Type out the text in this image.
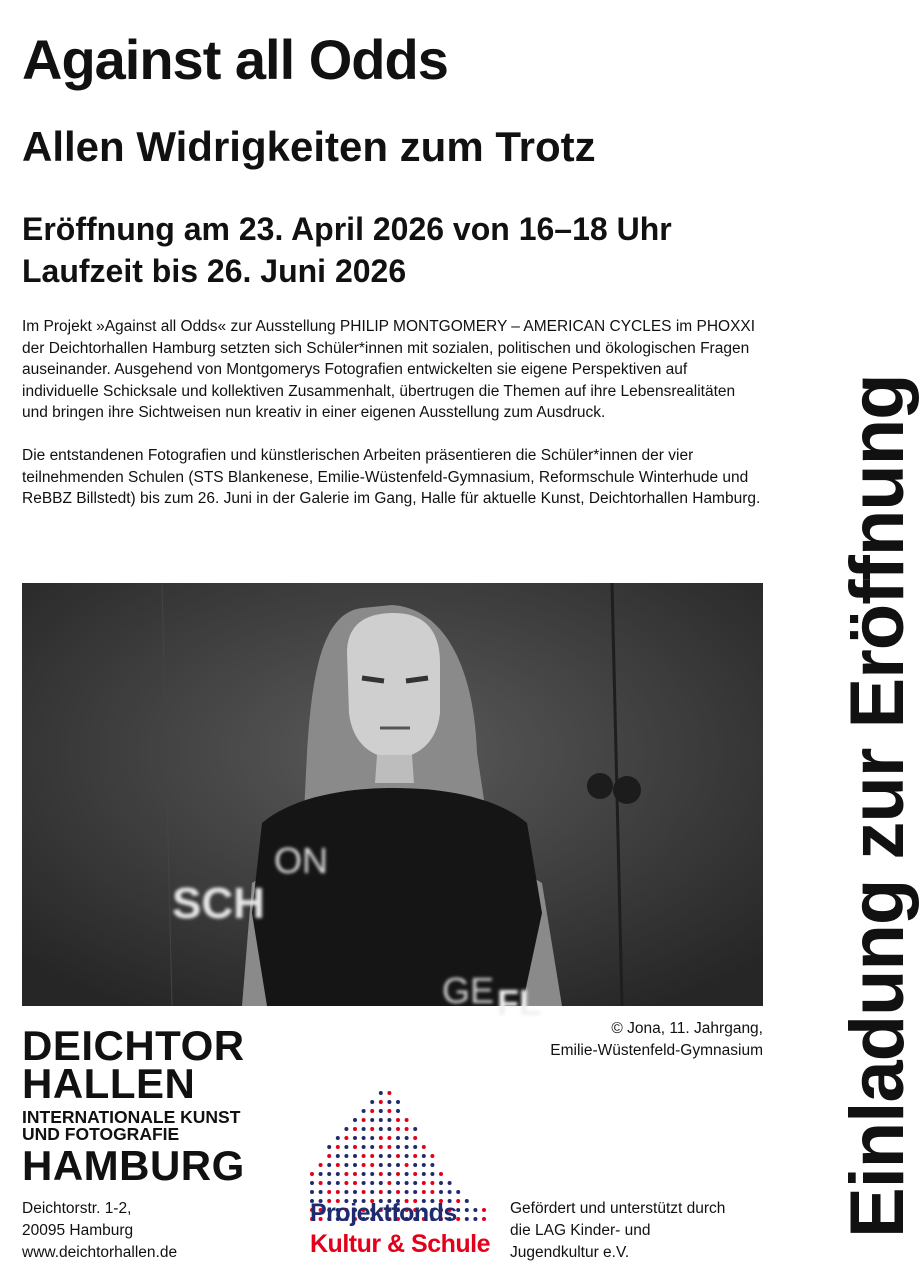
Against all Odds
Allen Widrigkeiten zum Trotz
Eröffnung am 23. April 2026 von 16–18 Uhr
Laufzeit bis 26. Juni 2026

Im Projekt »Against all Odds« zur Ausstellung PHILIP MONTGOMERY – AMERICAN CYCLES im PHOXXI der Deichtorhallen Hamburg setzten sich Schüler*innen mit sozialen, politischen und ökologischen Fragen auseinander. Ausgehend von Montgomerys Fotografien entwickelten sie eigene Perspektiven auf individuelle Schicksale und kollektiven Zusammenhalt, übertrugen die Themen auf ihre Lebensrealitäten und bringen ihre Sichtweisen nun kreativ in einer eigenen Ausstellung zum Ausdruck.

Die entstandenen Fotografien und künstlerischen Arbeiten präsentieren die Schüler*innen der vier teilnehmenden Schulen (STS Blankenese, Emilie-Wüstenfeld-Gymnasium, Reformschule Winterhude und ReBBZ Billstedt) bis zum 26. Juni in der Galerie im Gang, Halle für aktuelle Kunst, Deichtorhallen Hamburg. Einladung zur Eröffnung
SCH
ON
GE FL
© Jona, 11. Jahrgang,
Emilie-Wüstenfeld-Gymnasium
DEICHTOR
HALLEN
INTERNATIONALE KUNST
UND FOTOGRAFIE
HAMBURG
Deichtorstr. 1-2,
20095 Hamburg
www.deichtorhallen.de
Projektfonds
Kultur & Schule
Gefördert und unterstützt durch
die LAG Kinder- und
Jugendkultur e.V.
